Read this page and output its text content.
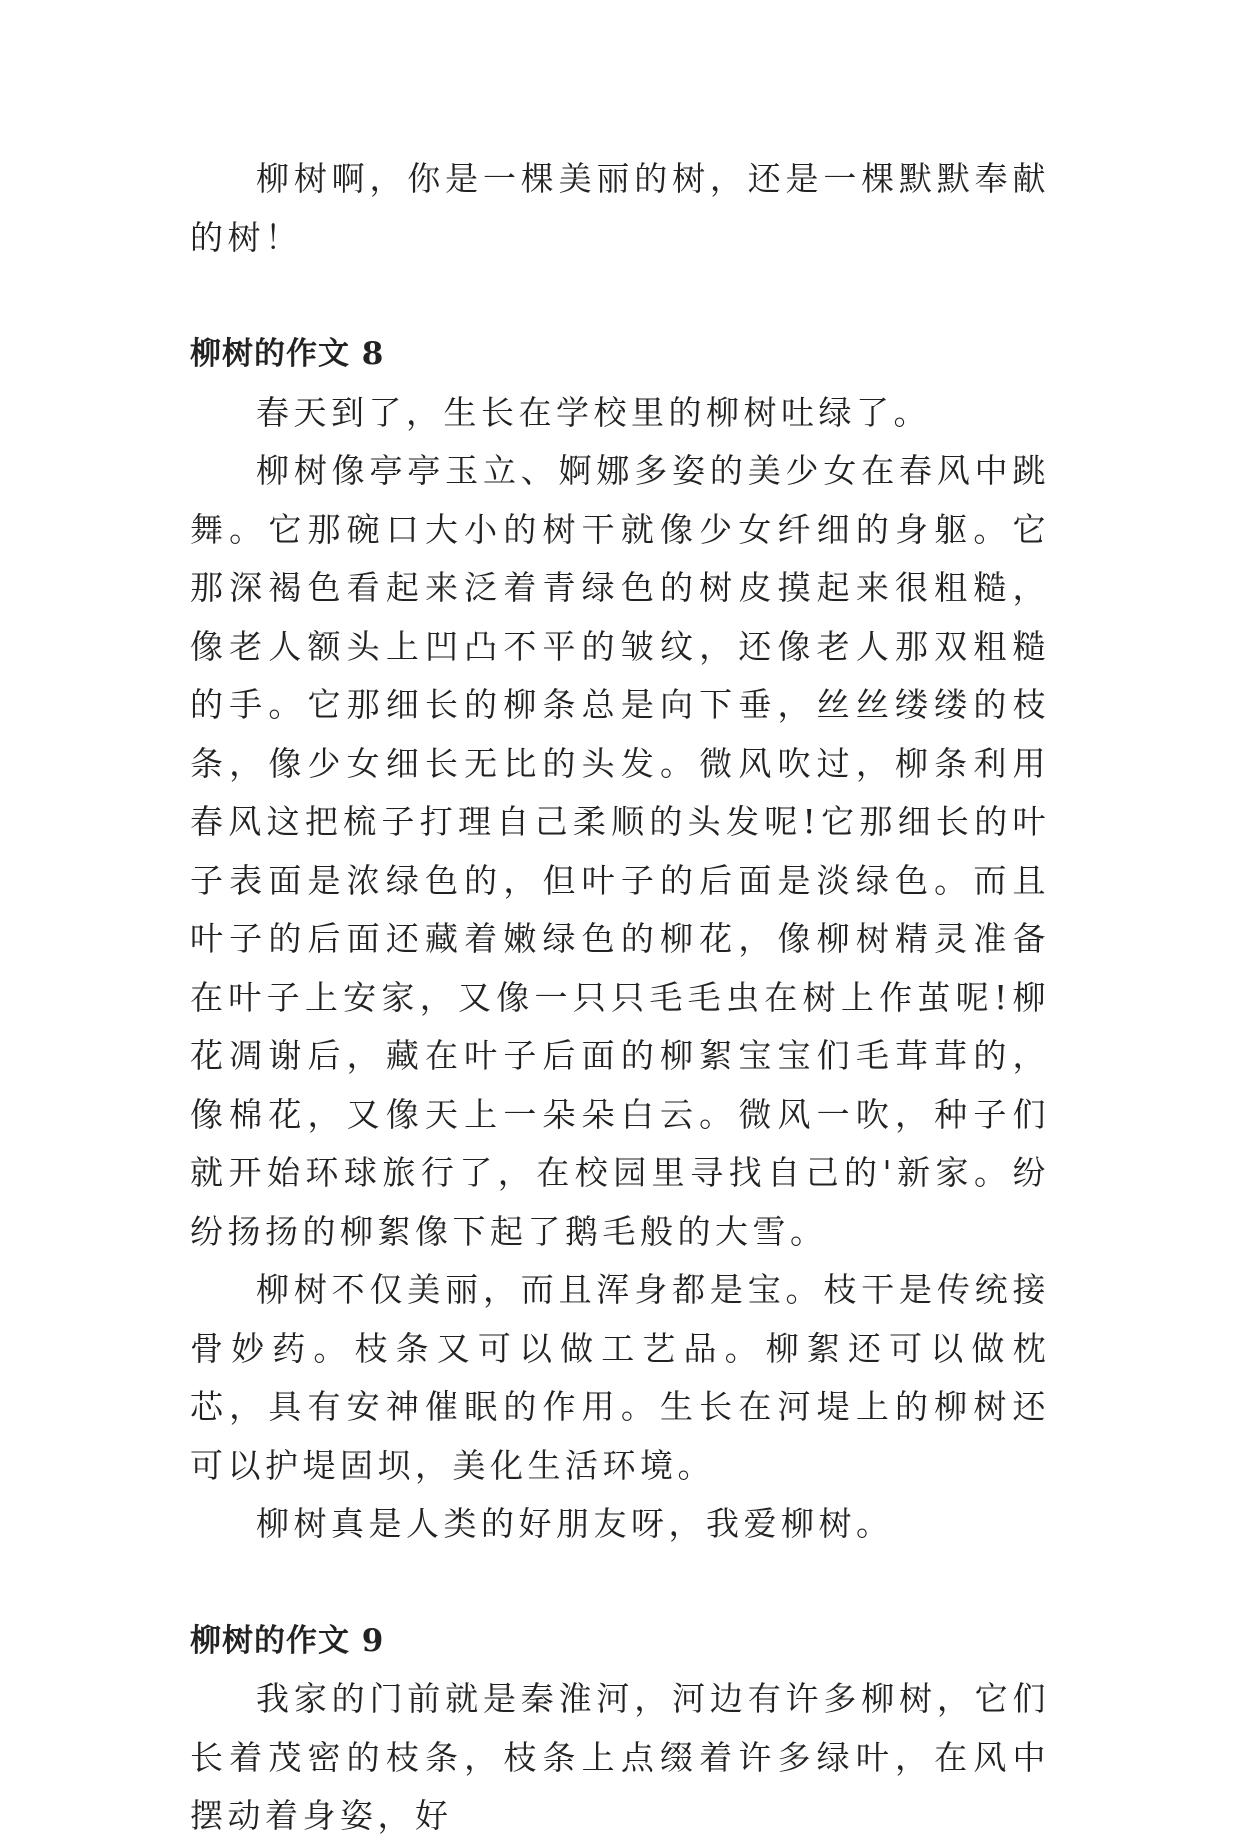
柳树啊，你是一棵美丽的树，还是一棵默默奉献的树！

柳树的作文 8

春天到了，生长在学校里的柳树吐绿了。

柳树像亭亭玉立、婀娜多姿的美少女在春风中跳舞。它那碗口大小的树干就像少女纤细的身躯。它那深褐色看起来泛着青绿色的树皮摸起来很粗糙，像老人额头上凹凸不平的皱纹，还像老人那双粗糙的手。它那细长的柳条总是向下垂，丝丝缕缕的枝条，像少女细长无比的头发。微风吹过，柳条利用春风这把梳子打理自己柔顺的头发呢!它那细长的叶子表面是浓绿色的，但叶子的后面是淡绿色。而且叶子的后面还藏着嫩绿色的柳花，像柳树精灵准备在叶子上安家，又像一只只毛毛虫在树上作茧呢!柳花凋谢后，藏在叶子后面的柳絮宝宝们毛茸茸的，像棉花，又像天上一朵朵白云。微风一吹，种子们就开始环球旅行了，在校园里寻找自己的'新家。纷纷扬扬的柳絮像下起了鹅毛般的大雪。

柳树不仅美丽，而且浑身都是宝。枝干是传统接骨妙药。枝条又可以做工艺品。柳絮还可以做枕芯，具有安神催眠的作用。生长在河堤上的柳树还可以护堤固坝，美化生活环境。

柳树真是人类的好朋友呀，我爱柳树。

柳树的作文 9

我家的门前就是秦淮河，河边有许多柳树，它们长着茂密的枝条，枝条上点缀着许多绿叶，在风中摆动着身姿，好
